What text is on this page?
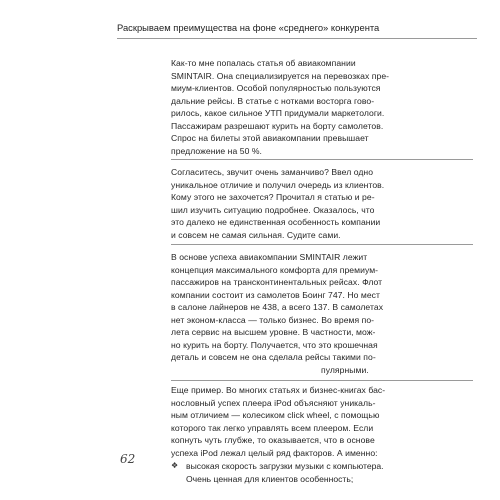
Раскрываем преимущества на фоне «среднего» конкурента
Как-то мне попалась статья об авиакомпании
SMINTAIR. Она специализируется на перевозках пре-
миум-клиентов. Особой популярностью пользуются
дальние рейсы. В статье с нотками восторга гово-
рилось, какое сильное УТП придумали маркетологи.
Пассажирам разрешают курить на борту самолетов.
Спрос на билеты этой авиакомпании превышает
предложение на 50 %.
Согласитесь, звучит очень заманчиво? Ввел одно
уникальное отличие и получил очередь из клиентов.
Кому этого не захочется? Прочитал я статью и ре-
шил изучить ситуацию подробнее. Оказалось, что
это далеко не единственная особенность компании
и совсем не самая сильная. Судите сами.
В основе успеха авиакомпании SMINTAIR лежит
концепция максимального комфорта для премиум-
пассажиров на трансконтинентальных рейсах. Флот
компании состоит из самолетов Боинг 747. Но мест
в салоне лайнеров не 438, а всего 137. В самолетах
нет эконом-класса — только бизнес. Во время по-
лета сервис на высшем уровне. В частности, мож-
но курить на борту. Получается, что это крошечная
деталь и совсем не она сделала рейсы такими по-
пулярными.
Еще пример. Во многих статьях и бизнес-книгах бас-
нословный успех плеера iPod объясняют уникаль-
ным отличием — колесиком click wheel, с помощью
которого так легко управлять всем плеером. Если
копнуть чуть глубже, то оказывается, что в основе
успеха iPod лежал целый ряд факторов. А именно:
❖ высокая скорость загрузки музыки с компьютера.
Очень ценная для клиентов особенность;
62
